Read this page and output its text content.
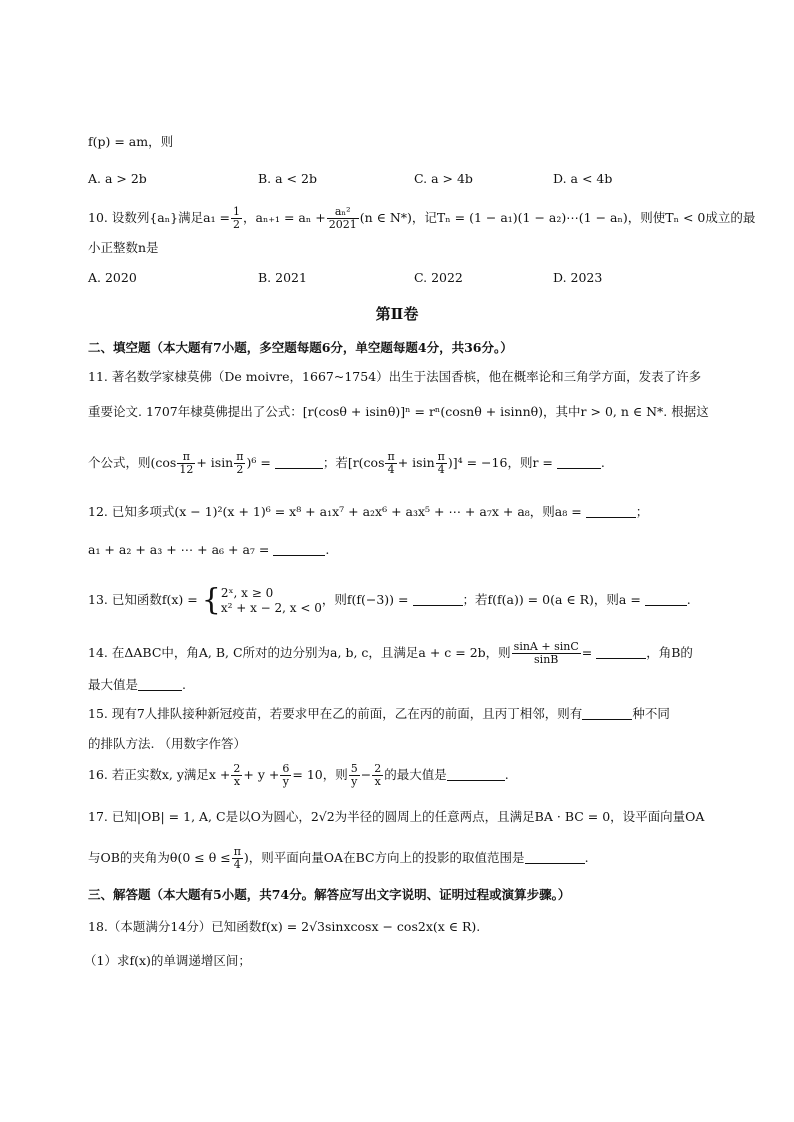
f(p) = am，则
A. a > 2b	B. a < 2b	C. a > 4b	D. a < 4b
10. 设数列{aₙ}满足$a_1 = \frac{1}{2}$ ，$a_{n+1} = a_n + \frac{\text{aₙ²}}{2021} (n$ ∈ N*)，记Tₙ = (1 − a₁)(1 − a₂)⋯(1 − aₙ)，则使Tₙ < 0成立的最
小正整数n是
A. 2020	B. 2021	C. 2022	D. 2023
第Ⅱ卷
二、填空题（本大题有7小题，多空题每题6分，单空题每题4分，共36分。）
11. 著名数学家棣莫佛（De moivre，1667~1754）出生于法国香槟，他在概率论和三角学方面，发表了许多
重要论文. 1707年棣莫佛提出了公式：[r(cosθ + isinθ)]ⁿ = rⁿ(cosnθ + isinnθ)，其中r > 0, n ∈ N*. 根据这
个公式，则$(\cos \frac{\pi}{12} + isin \frac{\pi}{2} )^6$ =	；若$[r(\cos \frac{\pi}{4} + isin \frac{\pi}{4} )]^4 = -16$，则r =	.
12. 已知多项式(x − 1)²(x + 1)⁶ = x⁸ + a₁x⁷ + a₂x⁶ + a₃x⁵ + ⋯ + a₇x + a₈，则a₈ =	；
a₁ + a₂ + a₃ + ⋯ + a₆ + a₇ =	.
13. 已知函数f(x) = { 2ˣ, x ≥ 0
x² + x − 2, x < 0
，则f(f(−3)) =	；若f(f(a)) = 0(a ∈ R)，则a =	.
14. 在ΔABC中，角A, B, C所对的边分别为a, b, c，且满足a + c = 2b，则 $\frac{\sin A + \sin C}{\sin B}$ =	，角B的
最大值是	.
15. 现有7人排队接种新冠疫苗，若要求甲在乙的前面，乙在丙的前面，且丙丁相邻，则有	种不同
的排队方法. （用数字作答）
16. 若正实数x, y满足$x + \frac{2}{x} + y + \frac{6}{y} = 10$，则 $\frac{5}{y} - \frac{2}{x}$ 的最大值是	.
17. 已知|OB| = 1, A, C是以O为圆心，2√2为半径的圆周上的任意两点，且满足BA · BC = 0，设平面向量OA
与OB的夹角为$\theta(0 \le \theta \le \frac{\pi}{4}$ )，则平面向量OA在BC方向上的投影的取值范围是	.
三、解答题（本大题有5小题，共74分。解答应写出文字说明、证明过程或演算步骤。）
18.（本题满分14分）已知函数f(x) = 2√3sinxcosx − cos2x(x ∈ R).
（1）求f(x)的单调递增区间；
